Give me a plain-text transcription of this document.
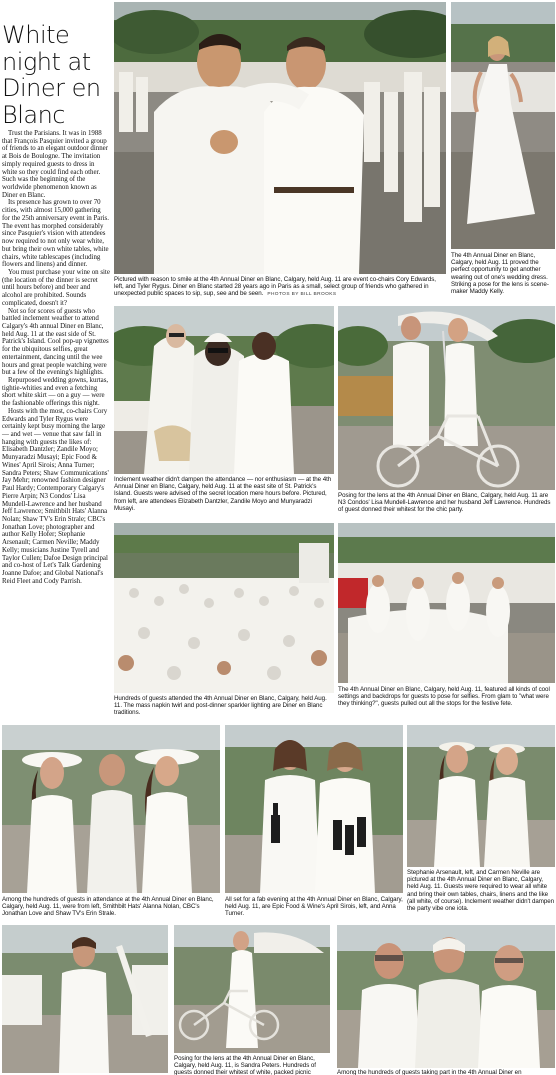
White night at Diner en Blanc

Trust the Parisians. It was in 1988 that François Pasquier invited a group of friends to an elegant outdoor dinner at Bois de Boulogne. The invitation simply required guests to dress in white so they could find each other. Such was the beginning of the worldwide phenomenon known as Diner en Blanc.

Its presence has grown to over 70 cities, with almost 15,000 gathering for the 25th anniversary event in Paris. The event has morphed considerably since Pasquier's vision with attendees now required to not only wear white, but bring their own white tables, white chairs, white tablescapes (including flowers and linens) and dinner.

You must purchase your wine on site (the location of the dinner is secret until hours before) and beer and alcohol are prohibited. Sounds complicated, doesn't it?

Not so for scores of guests who battled inclement weather to attend Calgary's 4th annual Diner en Blanc, held Aug. 11 at the east side of St. Patrick's Island. Cool pop-up vignettes for the ubiquitous selfies, great entertainment, dancing until the wee hours and great people watching were but a few of the evening's highlights.

Repurposed wedding gowns, kurtas, tightie-whities and even a fetching short white skirt — on a guy — were the fashionable offerings this night.

Hosts with the most, co-chairs Cory Edwards and Tyler Rygus were certainly kept busy morning the large — and wet — venue that saw fall in hanging with guests the likes of: Elisabeth Dantzler; Zandile Moyo; Munyaradzi Musayi; Epic Food & Wines' April Sirois; Anna Turner; Sandra Peters; Shaw Communications' Jay Mehr; renowned fashion designer Paul Hardy; Contemporary Calgary's Pierre Arpin; N3 Condos' Lisa Mundell-Lawrence and her husband Jeff Lawrence; Smithbilt Hats' Alanna Nolan; Shaw TV's Erin Strale; CBC's Jonathan Love; photographer and author Kelly Hofer; Stephanie Arsenault; Carmen Neville; Maddy Kelly; musicians Justine Tyrell and Taylor Cullen; Dafoe Design principal and co-host of Let's Talk Gardening Joanne Dafoe; and Global National's Reid Fleet and Cody Parrish.

Pictured with reason to smile at the 4th Annual Diner en Blanc, Calgary, held Aug. 11 are event co-chairs Cory Edwards, left, and Tyler Rygus. Diner en Blanc started 28 years ago in Paris as a small, select group of friends who gathered in unexpected public spaces to sip, sup, see and be seen. PHOTOS BY BILL BROOKS
The 4th Annual Diner en Blanc, Calgary, held Aug. 11 proved the perfect opportunity to get another wearing out of one's wedding dress. Striking a pose for the lens is scene-maker Maddy Kelly.
Inclement weather didn't dampen the attendance — nor enthusiasm — at the 4th Annual Diner en Blanc, Calgary, held Aug. 11 at the east site of St. Patrick's Island. Guests were advised of the secret location mere hours before. Pictured, from left, are attendees Elizabeth Dantzler, Zandile Moyo and Munyaradzi Musayi.
Posing for the lens at the 4th Annual Diner en Blanc, Calgary, held Aug. 11 are N3 Condos' Lisa Mundell-Lawrence and her husband Jeff Lawrence. Hundreds of guest donned their whitest for the chic party.
Hundreds of guests attended the 4th Annual Diner en Blanc, Calgary, held Aug. 11. The mass napkin twirl and post-dinner sparkler lighting are Diner en Blanc traditions.
The 4th Annual Diner en Blanc, Calgary, held Aug. 11, featured all kinds of cool settings and backdrops for guests to pose for selfies. From glam to "what were they thinking?", guests pulled out all the stops for the festive fete.
Among the hundreds of guests in attendance at the 4th Annual Diner en Blanc, Calgary, held Aug. 11, were from left, Smithbilt Hats' Alanna Nolan, CBC's Jonathan Love and Shaw TV's Erin Strale.
All set for a fab evening at the 4th Annual Diner en Blanc, Calgary, held Aug. 11, are Epic Food & Wine's April Sirois, left, and Anna Turner.
Stephanie Arsenault, left, and Carmen Neville are pictured at the 4th Annual Diner en Blanc, Calgary, held Aug. 11. Guests were required to wear all white and bring their own tables, chairs, linens and the like (all white, of course). Inclement weather didn't dampen the party vibe one iota.
Posing for the lens at the 4th Annual Diner en Blanc, Calgary, held Aug. 11, is Sandra Peters. Hundreds of guests donned their whitest of white, packed picnic	Among the hundreds of guests taking part in the 4th Annual Diner en
